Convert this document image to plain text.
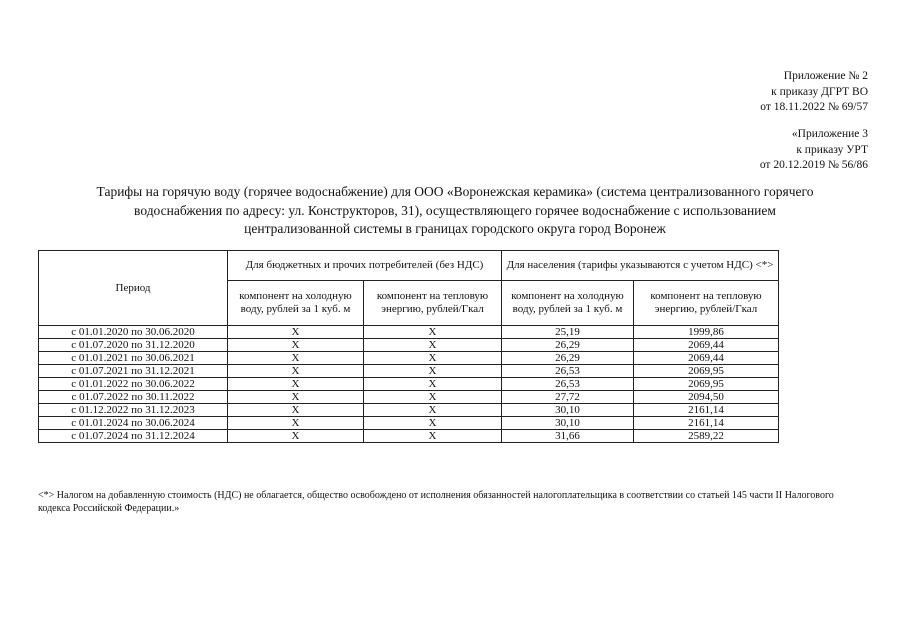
Приложение № 2
к приказу ДГРТ ВО
от 18.11.2022 № 69/57
«Приложение 3
к приказу УРТ
от 20.12.2019 № 56/86
Тарифы на горячую воду (горячее водоснабжение) для ООО «Воронежская керамика» (система централизованного горячего
водоснабжения по адресу: ул. Конструкторов, 31), осуществляющего горячее водоснабжение с использованием
централизованной системы в границах городского округа город Воронеж
Период	Для бюджетных и прочих потребителей (без НДС)		Для населения (тарифы указываются с учетом НДС) <*>	
	компонент на холодную воду, рублей за 1 куб. м	компонент на тепловую энергию, рублей/Гкал	компонент на холодную воду, рублей за 1 куб. м	компонент на тепловую энергию, рублей/Гкал
с 01.01.2020 по 30.06.2020	Х	Х	25,19	1999,86
с 01.07.2020 по 31.12.2020	Х	Х	26,29	2069,44
с 01.01.2021 по 30.06.2021	Х	Х	26,29	2069,44
с 01.07.2021 по 31.12.2021	Х	Х	26,53	2069,95
с 01.01.2022 по 30.06.2022	Х	Х	26,53	2069,95
с 01.07.2022 по 30.11.2022	Х	Х	27,72	2094,50
с 01.12.2022 по 31.12.2023	Х	Х	30,10	2161,14
с 01.01.2024 по 30.06.2024	Х	Х	30,10	2161,14
с 01.07.2024 по 31.12.2024	Х	Х	31,66	2589,22
<*> Налогом на добавленную стоимость (НДС) не облагается, общество освобождено от исполнения обязанностей налогоплательщика в соответствии со статьей 145 части II Налогового кодекса Российской Федерации.»
